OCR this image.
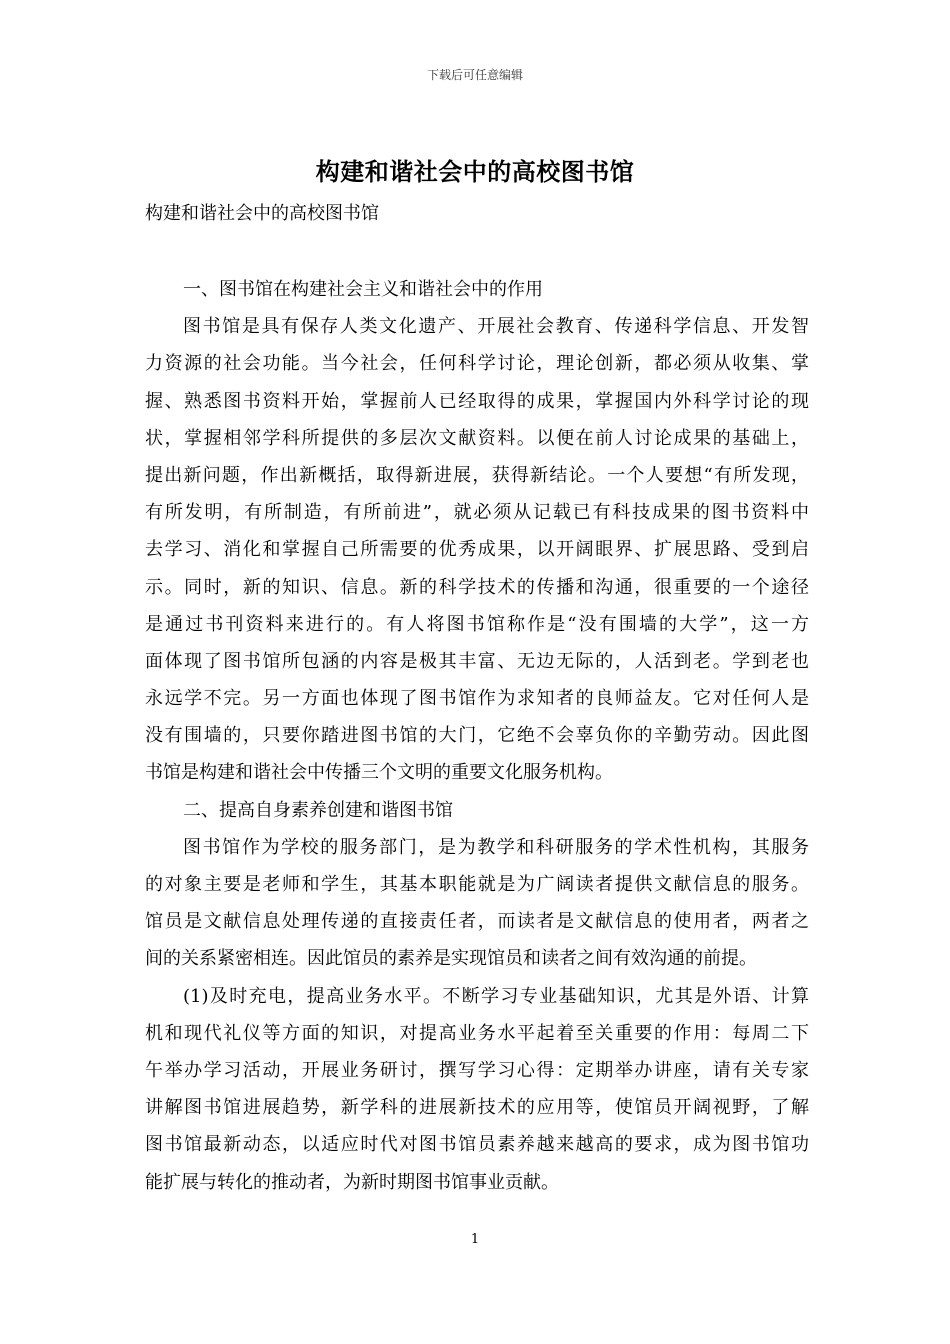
下载后可任意编辑
构建和谐社会中的高校图书馆
构建和谐社会中的高校图书馆
一、图书馆在构建社会主义和谐社会中的作用
图书馆是具有保存人类文化遗产、开展社会教育、传递科学信息、开发智
力资源的社会功能。当今社会，任何科学讨论，理论创新，都必须从收集、掌
握、熟悉图书资料开始，掌握前人已经取得的成果，掌握国内外科学讨论的现
状，掌握相邻学科所提供的多层次文献资料。以便在前人讨论成果的基础上，
提出新问题，作出新概括，取得新进展，获得新结论。一个人要想“有所发现，
有所发明，有所制造，有所前进”，就必须从记载已有科技成果的图书资料中
去学习、消化和掌握自己所需要的优秀成果，以开阔眼界、扩展思路、受到启
示。同时，新的知识、信息。新的科学技术的传播和沟通，很重要的一个途径
是通过书刊资料来进行的。有人将图书馆称作是“没有围墙的大学”，这一方
面体现了图书馆所包涵的内容是极其丰富、无边无际的，人活到老。学到老也
永远学不完。另一方面也体现了图书馆作为求知者的良师益友。它对任何人是
没有围墙的，只要你踏进图书馆的大门，它绝不会辜负你的辛勤劳动。因此图
书馆是构建和谐社会中传播三个文明的重要文化服务机构。
二、提高自身素养创建和谐图书馆
图书馆作为学校的服务部门，是为教学和科研服务的学术性机构，其服务
的对象主要是老师和学生，其基本职能就是为广阔读者提供文献信息的服务。
馆员是文献信息处理传递的直接责任者，而读者是文献信息的使用者，两者之
间的关系紧密相连。因此馆员的素养是实现馆员和读者之间有效沟通的前提。
(1)及时充电，提高业务水平。不断学习专业基础知识，尤其是外语、计算
机和现代礼仪等方面的知识，对提高业务水平起着至关重要的作用：每周二下
午举办学习活动，开展业务研讨，撰写学习心得：定期举办讲座，请有关专家
讲解图书馆进展趋势，新学科的进展新技术的应用等，使馆员开阔视野，了解
图书馆最新动态，以适应时代对图书馆员素养越来越高的要求，成为图书馆功
能扩展与转化的推动者，为新时期图书馆事业贡献。
1
